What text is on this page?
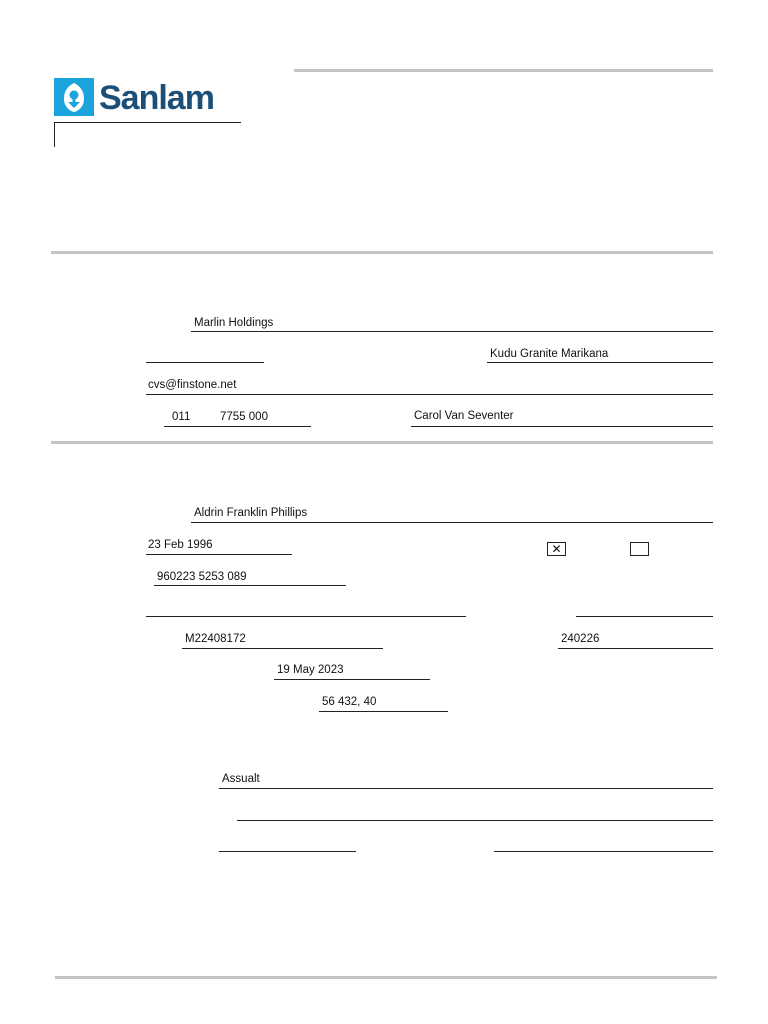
Sanlam
Marlin Holdings
Kudu Granite Marikana
cvs@finstone.net
011	7755 000	Carol Van Seventer
Aldrin Franklin Phillips
23 Feb 1996	✕
960223 5253 089
M22408172	240226
19 May 2023
56 432, 40
Assualt
